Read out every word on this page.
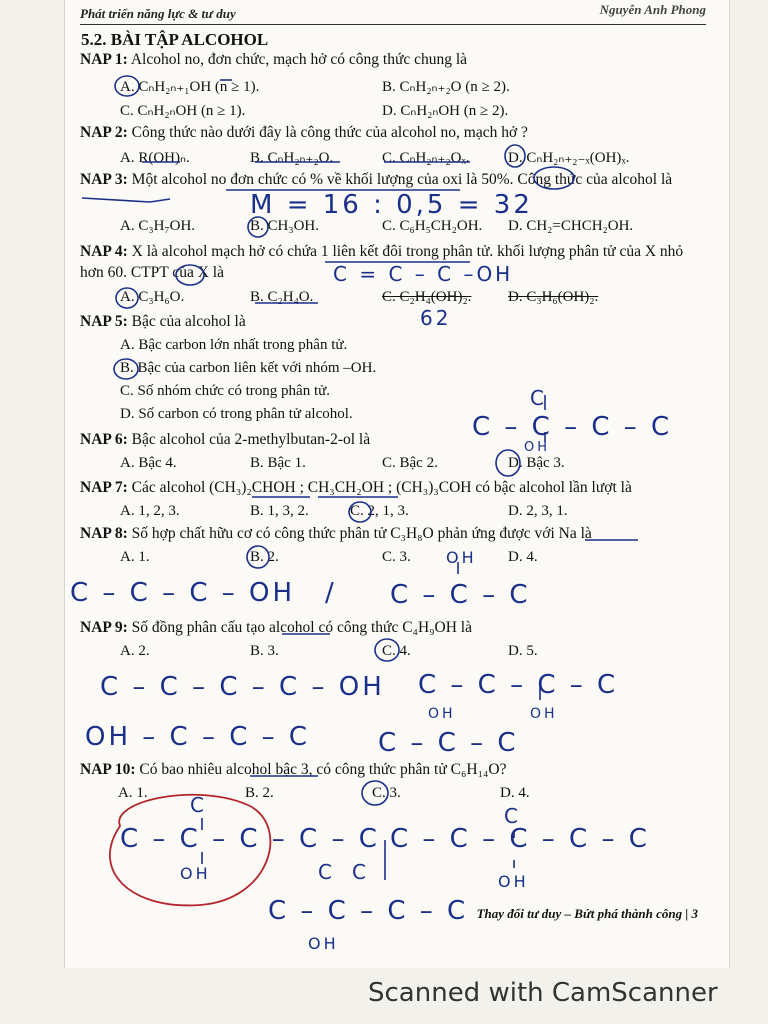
Phát triển năng lực & tư duy	Nguyễn Anh Phong
5.2. BÀI TẬP ALCOHOL
NAP 1: Alcohol no, đơn chức, mạch hở có công thức chung là
A. CₙH₂ₙ₊₁OH (n ≥ 1).	B. CₙH₂ₙ₊₂O (n ≥ 2).
C. CₙH₂ₙOH (n ≥ 1).	D. CₙH₂ₙOH (n ≥ 2).
NAP 2: Công thức nào dưới đây là công thức của alcohol no, mạch hở ?
A. R(OH)ₙ.	B. CₙH₂ₙ₊₂O.	C. CₙH₂ₙ₊₂Oₓ.	D. CₙH₂ₙ₊₂₋ₓ(OH)ₓ.
NAP 3: Một alcohol no đơn chức có % về khối lượng của oxi là 50%. Công thức của alcohol là
M = 16 : 0,5 = 32
A. C₃H₇OH.	B. CH₃OH.	C. C₆H₅CH₂OH. D. CH₂=CHCH₂OH.
NAP 4: X là alcohol mạch hở có chứa 1 liên kết đôi trong phân tử. khối lượng phân tử của X nhỏ hơn 60. CTPT của X là	C = C – C –OH
A. C₃H₆O.	B. C₂H₄O.	C. C₂H₄(OH)₂. D. C₃H₆(OH)₂.
62
NAP 5: Bậc của alcohol là
A. Bậc carbon lớn nhất trong phân tử.
B. Bậc của carbon liên kết với nhóm –OH.
C. Số nhóm chức có trong phân tử.
D. Số carbon có trong phân tử alcohol.
C
C – C – C – C
OH
NAP 6: Bậc alcohol của 2-methylbutan-2-ol là
A. Bậc 4.	B. Bậc 1.	C. Bậc 2.	D. Bậc 3.
NAP 7: Các alcohol (CH₃)₂CHOH ; CH₃CH₂OH ; (CH₃)₃COH có bậc alcohol lần lượt là
A. 1, 2, 3.	B. 1, 3, 2.	C. 2, 1, 3.	D. 2, 3, 1.
NAP 8: Số hợp chất hữu cơ có công thức phân tử C₃H₈O phản ứng được với Na là
A. 1.	B. 2.	C. 3.	D. 4.
OH
C – C – C – OH / C – C – C
NAP 9: Số đồng phân cấu tạo alcohol có công thức C₄H₉OH là
A. 2.	B. 3.	C. 4.	D. 5.
C – C – C – C – OH C – C – C – C
OH	OH
OH – C – C – C	C – C – C
NAP 10: Có bao nhiêu alcohol bậc 3, có công thức phân tử C₆H₁₄O?
A. 1.	B. 2.	C. 3.	D. 4.
C	C
C – C – C – C – C C – C – C – C – C
OH	OH
C C
C – C – C – C
OH
Thay đổi tư duy – Bứt phá thành công | 3
Scanned with CamScanner
